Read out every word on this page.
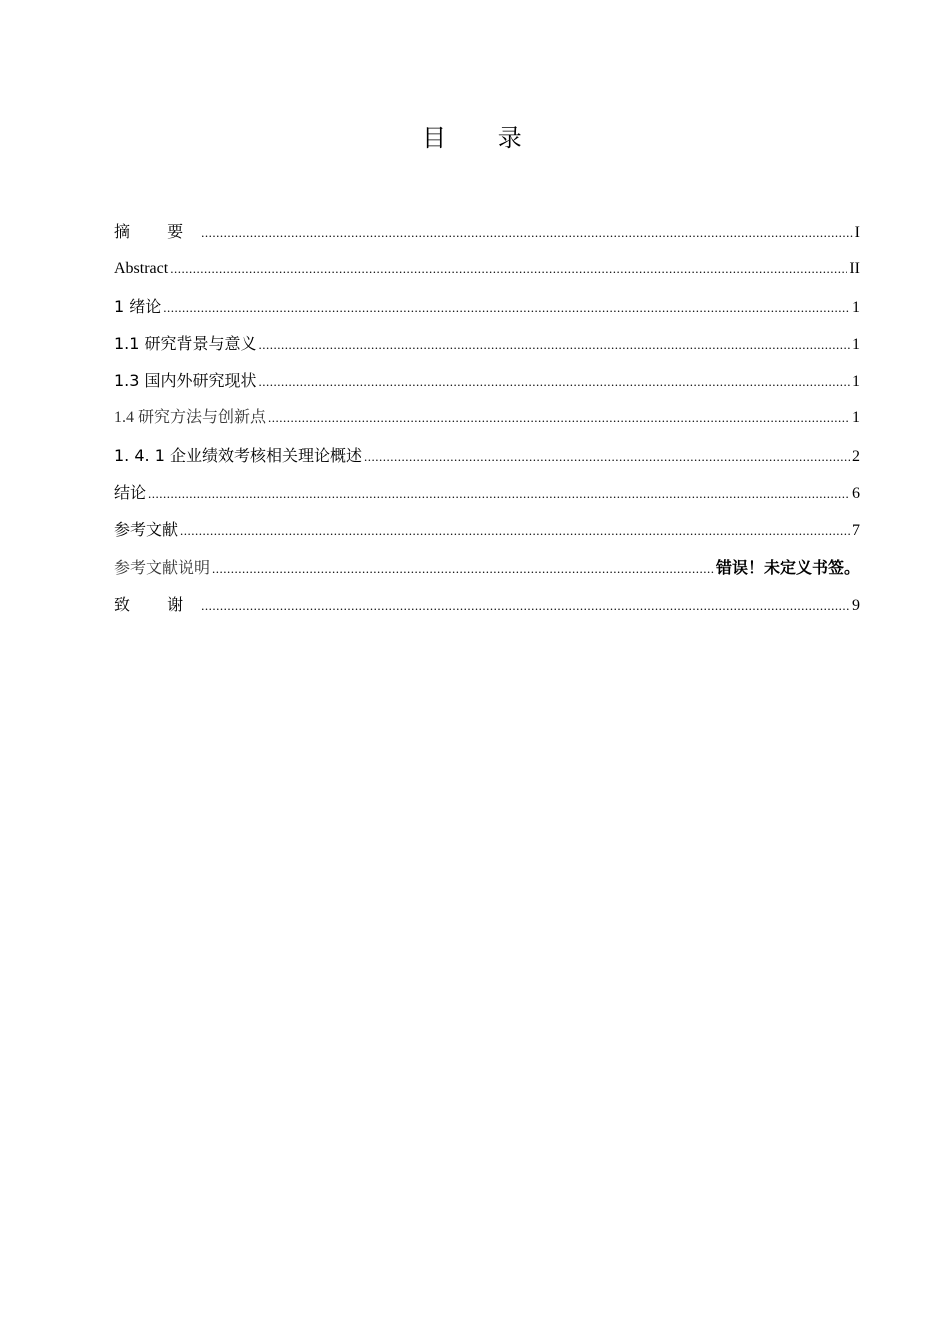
目 录
摘 要 .....	I
Abstract .....	II
1 绪论 .....	1
1.1 研究背景与意义 .....	1
1.3 国内外研究现状 .....	1
1.4 研究方法与创新点 .....	1
1. 4. 1 企业绩效考核相关理论概述 .....	2
结论 .....	6
参考文献 .....	7
参考文献说明 .....	错误！未定义书签。
致 谢 .....	9
